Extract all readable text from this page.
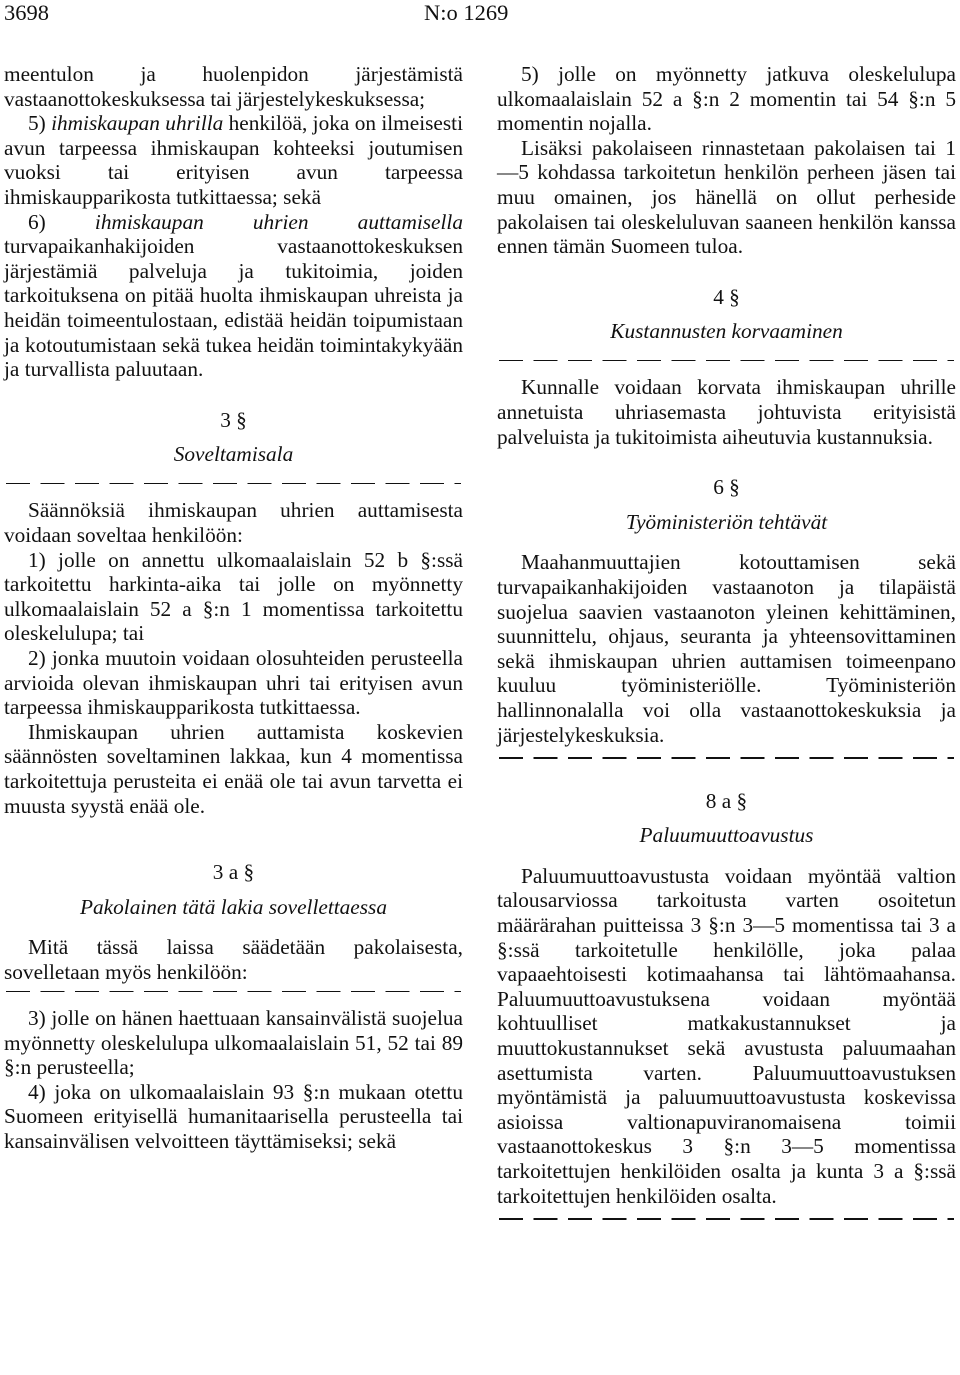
3698	N:o 1269

meentulon ja huolenpidon järjestämistä vastaanottokeskuksessa tai järjestelykeskuksessa;

5) ihmiskaupan uhrilla henkilöä, joka on ilmeisesti avun tarpeessa ihmiskaupan kohteeksi joutumisen vuoksi tai erityisen avun tarpeessa ihmiskaupparikosta tutkittaessa; sekä

6) ihmiskaupan uhrien auttamisella turvapaikanhakijoiden vastaanottokeskuksen järjestämiä palveluja ja tukitoimia, joiden tarkoituksena on pitää huolta ihmiskaupan uhreista ja heidän toimeentulostaan, edistää heidän toipumistaan ja kotoutumistaan sekä tukea heidän toimintakykyään ja turvallista paluutaan.

3 §

Soveltamisala

Säännöksiä ihmiskaupan uhrien auttamisesta voidaan soveltaa henkilöön:

1) jolle on annettu ulkomaalaislain 52 b §:ssä tarkoitettu harkinta-aika tai jolle on myönnetty ulkomaalaislain 52 a §:n 1 momentissa tarkoitettu oleskelulupa; tai

2) jonka muutoin voidaan olosuhteiden perusteella arvioida olevan ihmiskaupan uhri tai erityisen avun tarpeessa ihmiskaupparikosta tutkittaessa.

Ihmiskaupan uhrien auttamista koskevien säännösten soveltaminen lakkaa, kun 4 momentissa tarkoitettuja perusteita ei enää ole tai avun tarvetta ei muusta syystä enää ole.

3 a §

Pakolainen tätä lakia sovellettaessa

Mitä tässä laissa säädetään pakolaisesta, sovelletaan myös henkilöön:

3) jolle on hänen haettuaan kansainvälistä suojelua myönnetty oleskelulupa ulkomaalaislain 51, 52 tai 89 §:n perusteella;

4) joka on ulkomaalaislain 93 §:n mukaan otettu Suomeen erityisellä humanitaarisella perusteella tai kansainvälisen velvoitteen täyttämiseksi; sekä

5) jolle on myönnetty jatkuva oleskelulupa ulkomaalaislain 52 a §:n 2 momentin tai 54 §:n 5 momentin nojalla.

Lisäksi pakolaiseen rinnastetaan pakolaisen tai 1—5 kohdassa tarkoitetun henkilön perheen jäsen tai muu omainen, jos hänellä on ollut perheside pakolaisen tai oleskeluluvan saaneen henkilön kanssa ennen tämän Suomeen tuloa.

4 §

Kustannusten korvaaminen

Kunnalle voidaan korvata ihmiskaupan uhrille annetuista uhriasemasta johtuvista erityisistä palveluista ja tukitoimista aiheutuvia kustannuksia.

6 §

Työministeriön tehtävät

Maahanmuuttajien kotouttamisen sekä turvapaikanhakijoiden vastaanoton ja tilapäistä suojelua saavien vastaanoton yleinen kehittäminen, suunnittelu, ohjaus, seuranta ja yhteensovittaminen sekä ihmiskaupan uhrien auttamisen toimeenpano kuuluu työministeriölle. Työministeriön hallinnonalalla voi olla vastaanottokeskuksia ja järjestelykeskuksia.

8 a §

Paluumuuttoavustus

Paluumuuttoavustusta voidaan myöntää valtion talousarviossa tarkoitusta varten osoitetun määrärahan puitteissa 3 §:n 3—5 momentissa tai 3 a §:ssä tarkoitetulle henkilölle, joka palaa vapaaehtoisesti kotimaahansa tai lähtömaahansa. Paluumuuttoavustuksena voidaan myöntää kohtuulliset matkakustannukset ja muuttokustannukset sekä avustusta paluumaahan asettumista varten. Paluumuuttoavustuksen myöntämistä ja paluumuuttoavustusta koskevissa asioissa valtionapuviranomaisena toimii vastaanottokeskus 3 §:n 3—5 momentissa tarkoitettujen henkilöiden osalta ja kunta 3 a §:ssä tarkoitettujen henkilöiden osalta.
